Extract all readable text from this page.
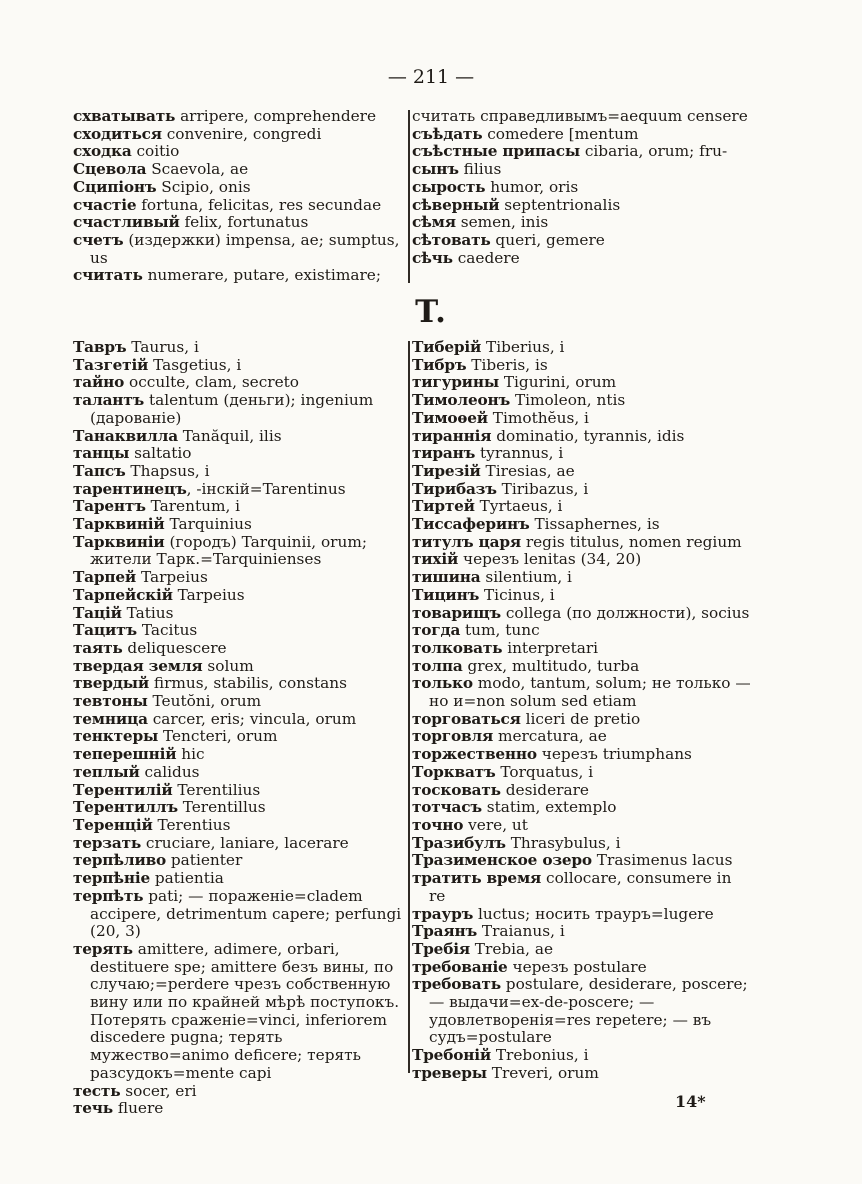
— 211 —
схватывать arripere, comprehendere
сходиться convenire, congredi
сходка coitio
Сцевола Scaevola, ae
Сципіонъ Scipio, onis
счастіе fortuna, felicitas, res secundae
счастливый felix, fortunatus
счетъ (издержки) impensa, ae; sumptus, us
считать numerare, putare, existimare;
считать справедливымъ=aequum censere
съѣдать comedere [mentum
съѣстные припасы cibaria, orum; fru-
сынъ filius
сырость humor, oris
сѣверный septentrionalis
сѣмя semen, inis
сѣтовать queri, gemere
сѣчь caedere
T.
Тавръ Taurus, i
Тазгетій Tasgetius, i
тайно occulte, clam, secreto
талантъ talentum (деньги); ingenium (дарованіе)
Танаквилла Tanăquil, ilis
танцы saltatio
Тапсъ Thapsus, i
тарентинецъ, -інскій=Tarentinus
Тарентъ Tarentum, i
Тарквиній Tarquinius
Тарквиніи (городъ) Tarquinii, orum; жители Тарк.=Tarquinienses
Тарпей Tarpeius
Тарпейскій Tarpeius
Тацій Tatius
Тацитъ Tacitus
таять deliquescere
твердая земля solum
твердый firmus, stabilis, constans
тевтоны Teutŏni, orum
темница carcer, eris; vincula, orum
тенктеры Tencteri, orum
теперешній hic
теплый calidus
Терентилій Terentilius
Терентиллъ Terentillus
Теренцій Terentius
терзать cruciare, laniare, lacerare
терпѣливо patienter
терпѣніе patientia
терпѣть pati; — пораженіе=cladem accipere, detrimentum capere; perfungi (20, 3)
терять amittere, adimere, orbari, destituere spe; amittere безъ вины, по случаю;=perdere чрезъ собственную вину или по крайней мѣрѣ поступокъ. Потерять сраженіе=vinci, inferiorem discedere pugna; терять мужество=animo deficere; терять разсудокъ=mente capi
тесть socer, eri
течь fluere
Тиберій Tiberius, i
Тибръ Tiberis, is
тигурины Tigurini, orum
Тимолеонъ Timoleon, ntis
Тимоѳей Timothĕus, i
тираннія dominatio, tyrannis, idis
тиранъ tyrannus, i
Тирезій Tiresias, ae
Тирибазъ Tiribazus, i
Тиртей Tyrtaeus, i
Тиссаферинъ Tissaphernes, is
титулъ царя regis titulus, nomen regium
тихій черезъ lenitas (34, 20)
тишина silentium, i
Тицинъ Ticinus, i
товарищъ collega (по должности), socius
тогда tum, tunc
толковать interpretari
толпа grex, multitudo, turba
только modo, tantum, solum; не только — но и=non solum sed etiam
торговаться liceri de pretio
торговля mercatura, ae
торжественно черезъ triumphans
Торкватъ Torquatus, i
тосковать desiderare
тотчасъ statim, extemplo
точно vere, ut
Тразибулъ Thrasybulus, i
Тразименское озеро Trasimenus lacus
тратить время collocare, consumere in re
трауръ luctus; носить трауръ=lugere
Траянъ Traianus, i
Требія Trebia, ae
требованіе черезъ postulare
требовать postulare, desiderare, poscere; — выдачи=ex-de-poscere; — удовлетворенія=res repetere; — въ судъ=postulare
Требоній Trebonius, i
треверы Treveri, orum
14*
